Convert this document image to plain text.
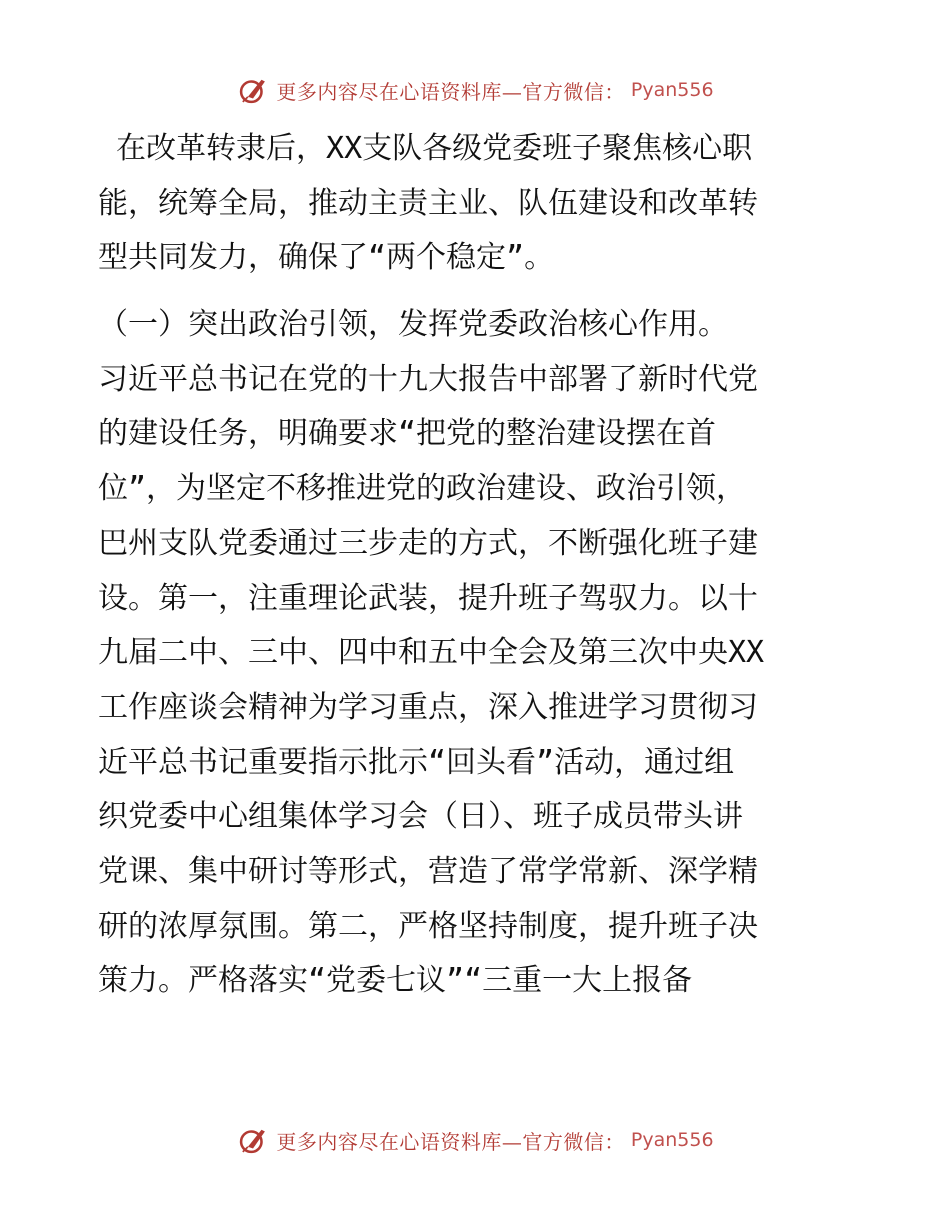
更多内容尽在心语资料库—官方微信： Pyan556
在改革转隶后，XX支队各级党委班子聚焦核心职
能，统筹全局，推动主责主业、队伍建设和改革转
型共同发力，确保了“两个稳定”。
（一）突出政治引领，发挥党委政治核心作用。
习近平总书记在党的十九大报告中部署了新时代党
的建设任务，明确要求“把党的整治建设摆在首
位”，为坚定不移推进党的政治建设、政治引领，
巴州支队党委通过三步走的方式，不断强化班子建
设。第一，注重理论武装，提升班子驾驭力。以十
九届二中、三中、四中和五中全会及第三次中央XX
工作座谈会精神为学习重点，深入推进学习贯彻习
近平总书记重要指示批示“回头看”活动，通过组
织党委中心组集体学习会（日）、班子成员带头讲
党课、集中研讨等形式，营造了常学常新、深学精
研的浓厚氛围。第二，严格坚持制度，提升班子决
策力。严格落实“党委七议”“三重一大上报备
更多内容尽在心语资料库—官方微信： Pyan556
